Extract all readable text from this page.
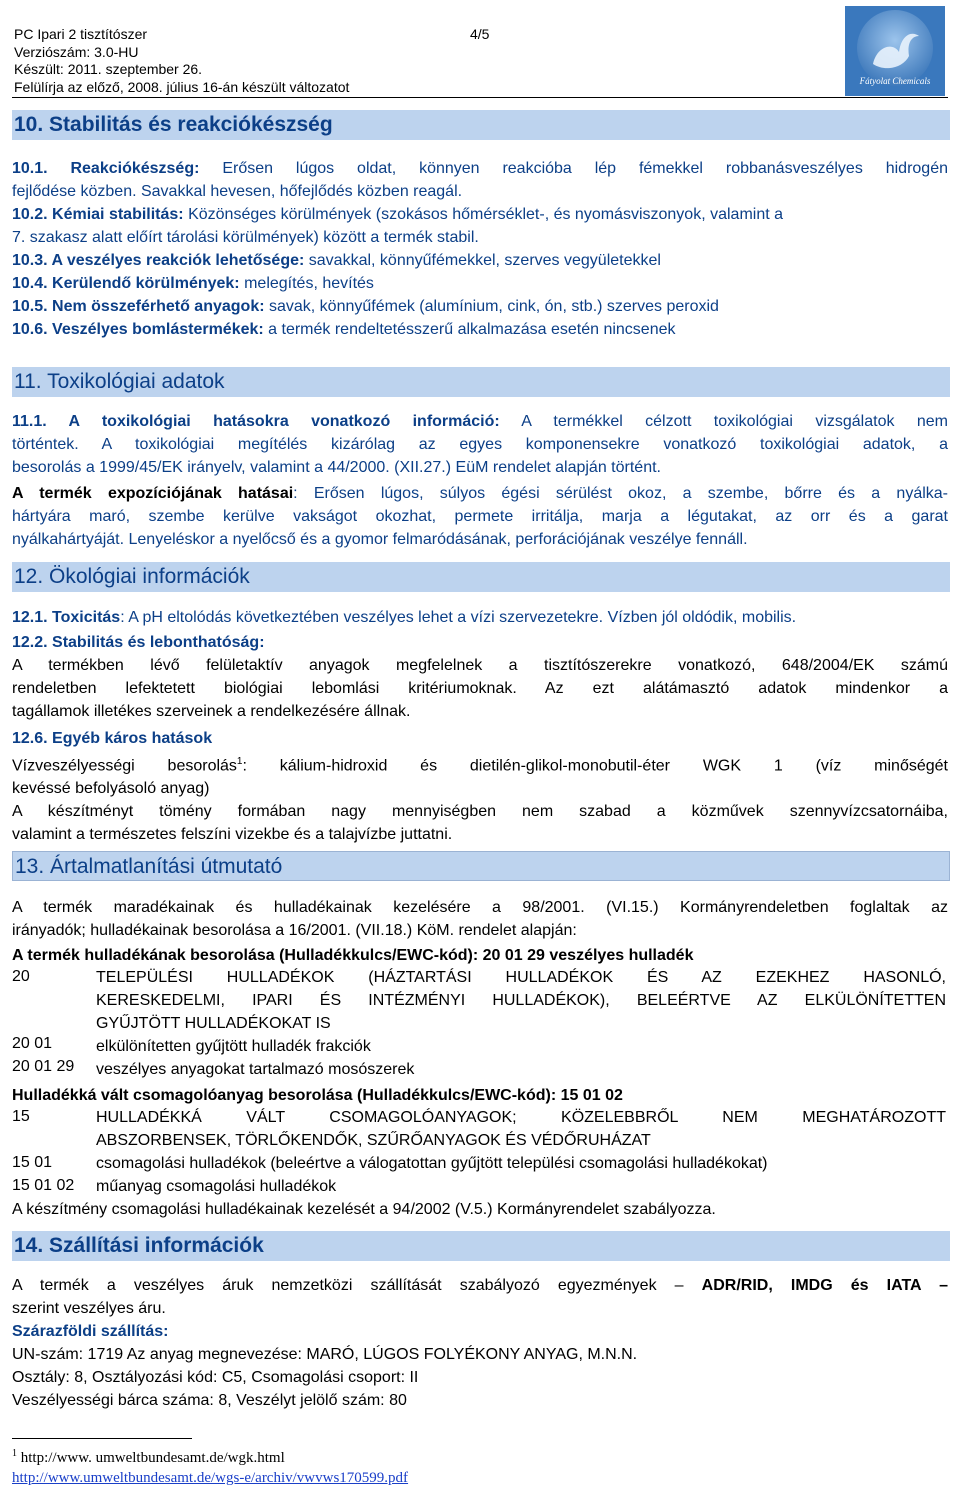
PC Ipari 2 tisztítószer
Verziószám: 3.0-HU
Készült: 2011. szeptember 26.
Felülírja az előző, 2008. július 16-án készült változatot
4/5
Fátyolat Chemicals
10. Stabilitás és reakciókészség
10.1. Reakciókészség: Erősen lúgos oldat, könnyen reakcióba lép fémekkel robbanásveszélyes hidrogén
fejlődése közben. Savakkal hevesen, hőfejlődés közben reagál.
10.2. Kémiai stabilitás: Közönséges körülmények (szokásos hőmérséklet-, és nyomásviszonyok, valamint a
7. szakasz alatt előírt tárolási körülmények) között a termék stabil.
10.3. A veszélyes reakciók lehetősége: savakkal, könnyűfémekkel, szerves vegyületekkel
10.4. Kerülendő körülmények: melegítés, hevítés
10.5. Nem összeférhető anyagok: savak, könnyűfémek (alumínium, cink, ón, stb.) szerves peroxid
10.6. Veszélyes bomlástermékek: a termék rendeltetésszerű alkalmazása esetén nincsenek
11. Toxikológiai adatok
11.1. A toxikológiai hatásokra vonatkozó információ: A termékkel célzott toxikológiai vizsgálatok nem
történtek. A toxikológiai megítélés kizárólag az egyes komponensekre vonatkozó toxikológiai adatok, a
besorolás a 1999/45/EK irányelv, valamint a 44/2000. (XII.27.) EüM rendelet alapján történt.
A termék expozíciójának hatásai: Erősen lúgos, súlyos égési sérülést okoz, a szembe, bőrre és a nyálka-
hártyára maró, szembe kerülve vakságot okozhat, permete irritálja, marja a légutakat, az orr és a garat
nyálkahártyáját. Lenyeléskor a nyelőcső és a gyomor felmaródásának, perforációjának veszélye fennáll.
12. Ökológiai információk
12.1. Toxicitás: A pH eltolódás következtében veszélyes lehet a vízi szervezetekre. Vízben jól oldódik, mobilis.
12.2. Stabilitás és lebonthatóság:
A termékben lévő felületaktív anyagok megfelelnek a tisztítószerekre vonatkozó, 648/2004/EK számú
rendeletben lefektetett biológiai lebomlási kritériumoknak. Az ezt alátámasztó adatok mindenkor a
tagállamok illetékes szerveinek a rendelkezésére állnak.
12.6. Egyéb káros hatások
Vízveszélyességi besorolás$^1$: kálium-hidroxid és dietilén-glikol-monobutil-éter WGK 1 (víz minőségét
kevéssé befolyásoló anyag)
A készítményt tömény formában nagy mennyiségben nem szabad a közművek szennyvízcsatornáiba,
valamint a természetes felszíni vizekbe és a talajvízbe juttatni.
13. Ártalmatlanítási útmutató
A termék maradékainak és hulladékainak kezelésére a 98/2001. (VI.15.) Kormányrendeletben foglaltak az
irányadók; hulladékainak besorolása a 16/2001. (VII.18.) KöM. rendelet alapján:
A termék hulladékának besorolása (Hulladékkulcs/EWC-kód): 20 01 29 veszélyes hulladék
20	TELEPÜLÉSI HULLADÉKOK (HÁZTARTÁSI HULLADÉKOK ÉS AZ EZEKHEZ HASONLÓ,
KERESKEDELMI, IPARI ÉS INTÉZMÉNYI HULLADÉKOK), BELEÉRTVE AZ ELKÜLÖNÍTETTEN
GYŰJTÖTT HULLADÉKOKAT IS
20 01	elkülönítetten gyűjtött hulladék frakciók
20 01 29 veszélyes anyagokat tartalmazó mosószerek
Hulladékká vált csomagolóanyag besorolása (Hulladékkulcs/EWC-kód): 15 01 02
15	HULLADÉKKÁ VÁLT CSOMAGOLÓANYAGOK; KÖZELEBBRŐL NEM MEGHATÁROZOTT
ABSZORBENSEK, TÖRLŐKENDŐK, SZŰRŐANYAGOK ÉS VÉDŐRUHÁZAT
15 01	csomagolási hulladékok (beleértve a válogatottan gyűjtött települési csomagolási hulladékokat)
15 01 02 műanyag csomagolási hulladékok
A készítmény csomagolási hulladékainak kezelését a 94/2002 (V.5.) Kormányrendelet szabályozza.
14. Szállítási információk
A termék a veszélyes áruk nemzetközi szállítását szabályozó egyezmények – ADR/RID, IMDG és IATA –
szerint veszélyes áru.
Szárazföldi szállítás:
UN-szám: 1719 Az anyag megnevezése: MARÓ, LÚGOS FOLYÉKONY ANYAG, M.N.N.
Osztály: 8, Osztályozási kód: C5, Csomagolási csoport: II
Veszélyességi bárca száma: 8, Veszélyt jelölő szám: 80
$^1$ http://www. umweltbundesamt.de/wgk.html
http://www.umweltbundesamt.de/wgs-e/archiv/vwvws170599.pdf
